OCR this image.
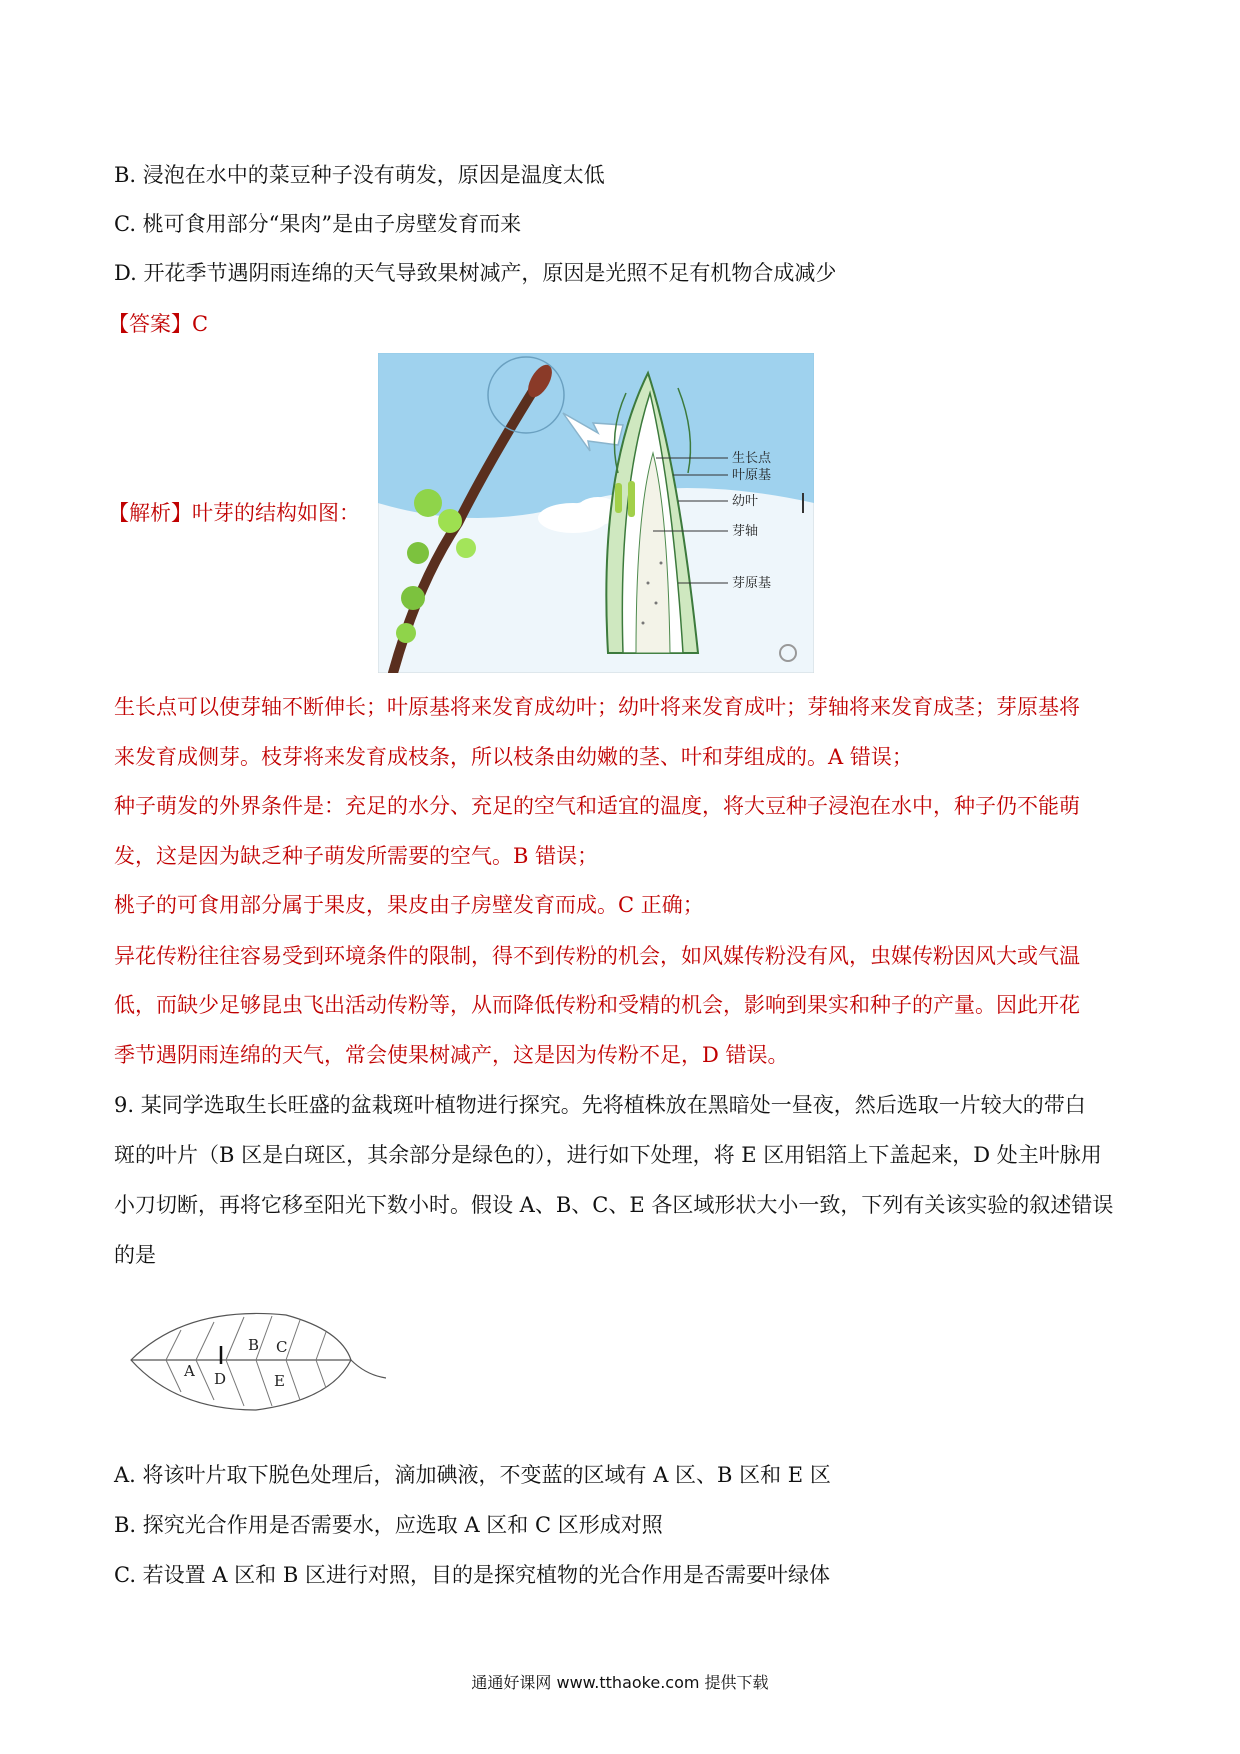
B. 浸泡在水中的菜豆种子没有萌发，原因是温度太低
C. 桃可食用部分“果肉”是由子房壁发育而来
D. 开花季节遇阴雨连绵的天气导致果树减产，原因是光照不足有机物合成减少
【答案】C
【解析】叶芽的结构如图：
生长点
叶原基
幼叶
芽轴
芽原基
生长点可以使芽轴不断伸长；叶原基将来发育成幼叶；幼叶将来发育成叶；芽轴将来发育成茎；芽原基将
来发育成侧芽。枝芽将来发育成枝条，所以枝条由幼嫩的茎、叶和芽组成的。A 错误；
种子萌发的外界条件是：充足的水分、充足的空气和适宜的温度，将大豆种子浸泡在水中，种子仍不能萌
发，这是因为缺乏种子萌发所需要的空气。B 错误；
桃子的可食用部分属于果皮，果皮由子房壁发育而成。C 正确；
异花传粉往往容易受到环境条件的限制，得不到传粉的机会，如风媒传粉没有风，虫媒传粉因风大或气温
低，而缺少足够昆虫飞出活动传粉等，从而降低传粉和受精的机会，影响到果实和种子的产量。因此开花
季节遇阴雨连绵的天气，常会使果树减产，这是因为传粉不足，D 错误。
9. 某同学选取生长旺盛的盆栽斑叶植物进行探究。先将植株放在黑暗处一昼夜，然后选取一片较大的带白
斑的叶片（B 区是白斑区，其余部分是绿色的），进行如下处理，将 E 区用铝箔上下盖起来，D 处主叶脉用
小刀切断，再将它移至阳光下数小时。假设 A、B、C、E 各区域形状大小一致，下列有关该实验的叙述错误
的是
A
B C
D	E
A. 将该叶片取下脱色处理后，滴加碘液，不变蓝的区域有 A 区、B 区和 E 区
B. 探究光合作用是否需要水，应选取 A 区和 C 区形成对照
C. 若设置 A 区和 B 区进行对照，目的是探究植物的光合作用是否需要叶绿体
通通好课网 www.tthaoke.com 提供下载
